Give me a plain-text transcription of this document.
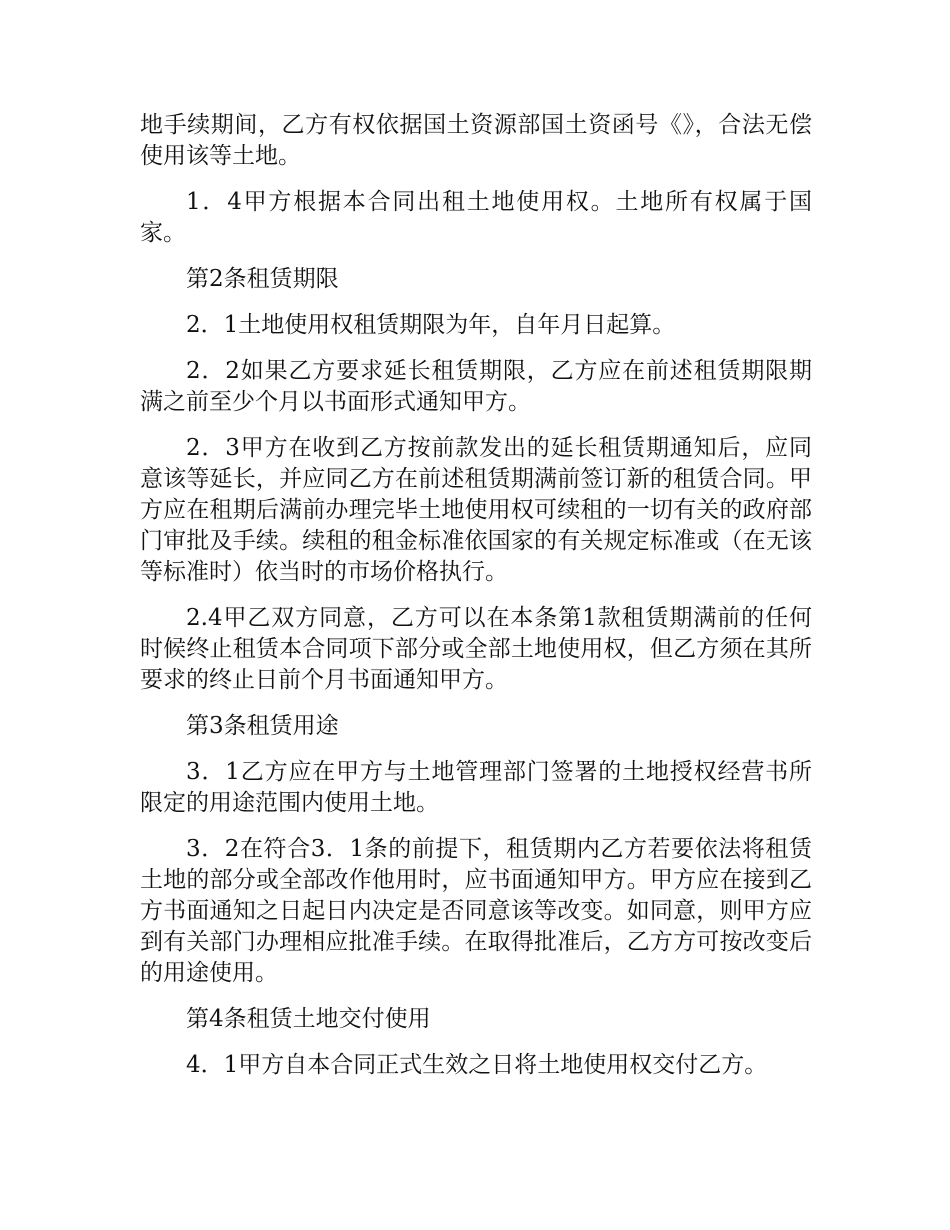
地手续期间，乙方有权依据国土资源部国土资函号《》，合法无偿使用该等土地。

1．4甲方根据本合同出租土地使用权。土地所有权属于国家。

第2条租赁期限

2．1土地使用权租赁期限为年，自年月日起算。

2．2如果乙方要求延长租赁期限，乙方应在前述租赁期限期满之前至少个月以书面形式通知甲方。

2．3甲方在收到乙方按前款发出的延长租赁期通知后，应同意该等延长，并应同乙方在前述租赁期满前签订新的租赁合同。甲方应在租期后满前办理完毕土地使用权可续租的一切有关的政府部门审批及手续。续租的租金标准依国家的有关规定标准或（在无该等标准时）依当时的市场价格执行。

2.4甲乙双方同意，乙方可以在本条第1款租赁期满前的任何时候终止租赁本合同项下部分或全部土地使用权，但乙方须在其所要求的终止日前个月书面通知甲方。

第3条租赁用途

3．1乙方应在甲方与土地管理部门签署的土地授权经营书所限定的用途范围内使用土地。

3．2在符合3．1条的前提下，租赁期内乙方若要依法将租赁土地的部分或全部改作他用时，应书面通知甲方。甲方应在接到乙方书面通知之日起日内决定是否同意该等改变。如同意，则甲方应到有关部门办理相应批准手续。在取得批准后，乙方方可按改变后的用途使用。

第4条租赁土地交付使用

4．1甲方自本合同正式生效之日将土地使用权交付乙方。
